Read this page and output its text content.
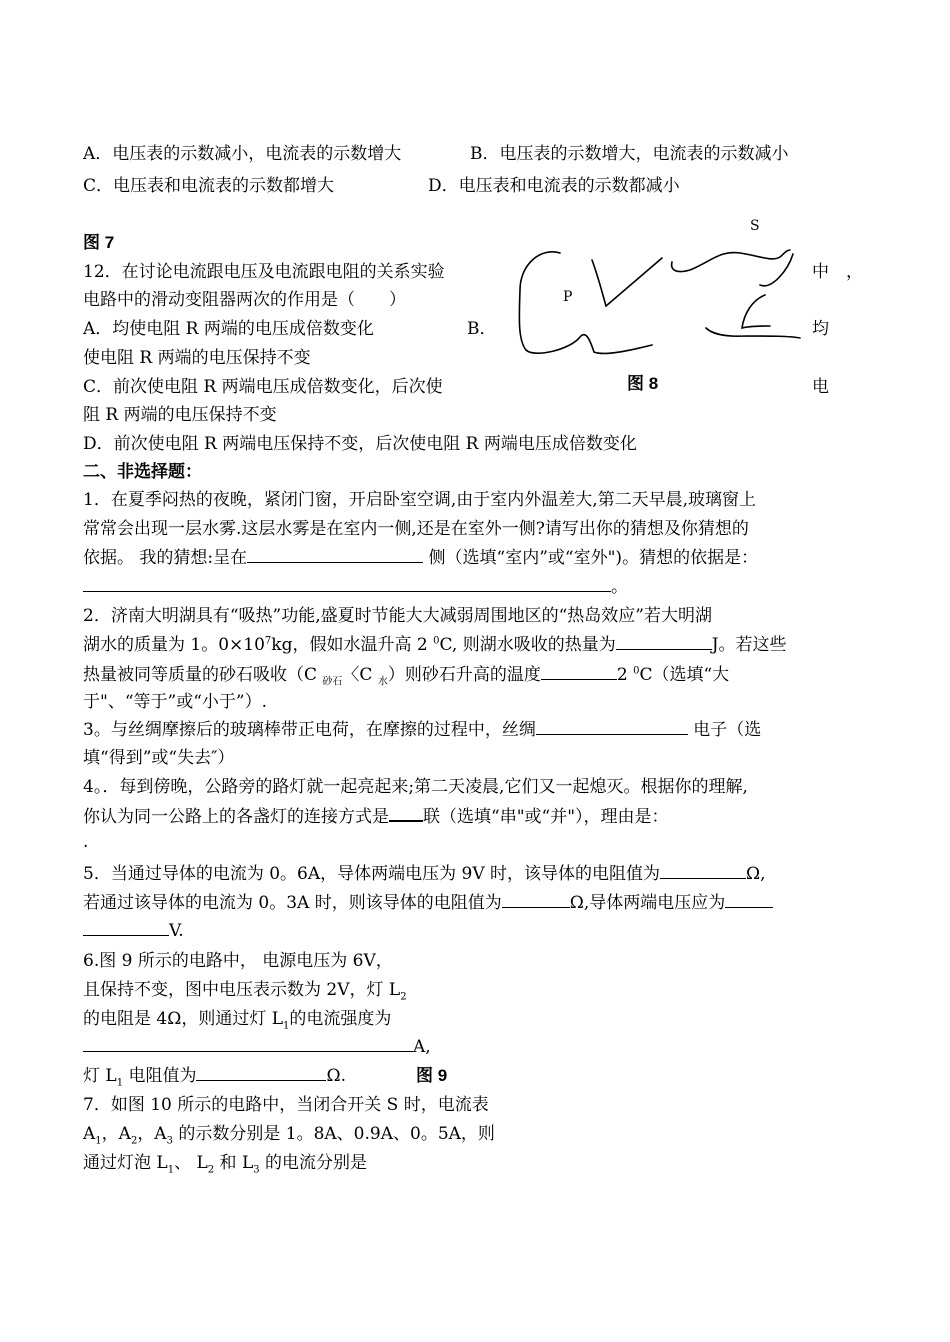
A．电压表的示数减小，电流表的示数增大	B．电压表的示数增大，电流表的示数减小
C．电压表和电流表的示数都增大	D．电压表和电流表的示数都减小
图 7
S
P
图 8
12．在讨论电流跟电压及电流跟电阻的关系实验	中 ，
电路中的滑动变阻器两次的作用是（　　）
A．均使电阻 R 两端的电压成倍数变化	B．	均
使电阻 R 两端的电压保持不变
C．前次使电阻 R 两端电压成倍数变化，后次使	电
阻 R 两端的电压保持不变
D．前次使电阻 R 两端电压保持不变，后次使电阻 R 两端电压成倍数变化
二、非选择题：
1．在夏季闷热的夜晚，紧闭门窗，开启卧室空调,由于室内外温差大,第二天早晨,玻璃窗上
常常会出现一层水雾.这层水雾是在室内一侧,还是在室外一侧?请写出你的猜想及你猜想的
依据。 我的猜想:呈在	侧（选填“室内”或“室外")。猜想的依据是：
。
2．济南大明湖具有“吸热”功能,盛夏时节能大大减弱周围地区的“热岛效应”若大明湖
湖水的质量为 1。$0\times 10^7kg$，假如水温升高 2 $^0$C, 则湖水吸收的热量为	J。若这些
热量被同等质量的砂石吸收（C $_{砂石}$〈C $_水$）则砂石升高的温度	2 $^0$C（选填“大
于"、“等于”或“小于”）.
3。与丝绸摩擦后的玻璃棒带正电荷，在摩擦的过程中，丝绸	电子（选
填“得到”或“失去″）
4。．每到傍晚，公路旁的路灯就一起亮起来;第二天凌晨,它们又一起熄灭。根据你的理解,
你认为同一公路上的各盏灯的连接方式是 联（选填“串"或“并"），理由是：
.
5．当通过导体的电流为 0。6A，导体两端电压为 9V 时，该导体的电阻值为	Ω,
若通过该导体的电流为 0。3A 时，则该导体的电阻值为	Ω,导体两端电压应为
V.
6.图 9 所示的电路中， 电源电压为 6V，
且保持不变，图中电压表示数为 2V，灯 $L_2$
的电阻是 4Ω，则通过灯 $L_1$的电流强度为
A,
灯 $L_1$ 电阻值为	Ω.	图 9
7．如图 10 所示的电路中，当闭合开关 S 时，电流表
$A_1$，$A_2$，$A_3$ 的示数分别是 1。8A、0.9A、0。5A，则
通过灯泡 $L_1$、 $L_2$ 和 $L_3$ 的电流分别是
